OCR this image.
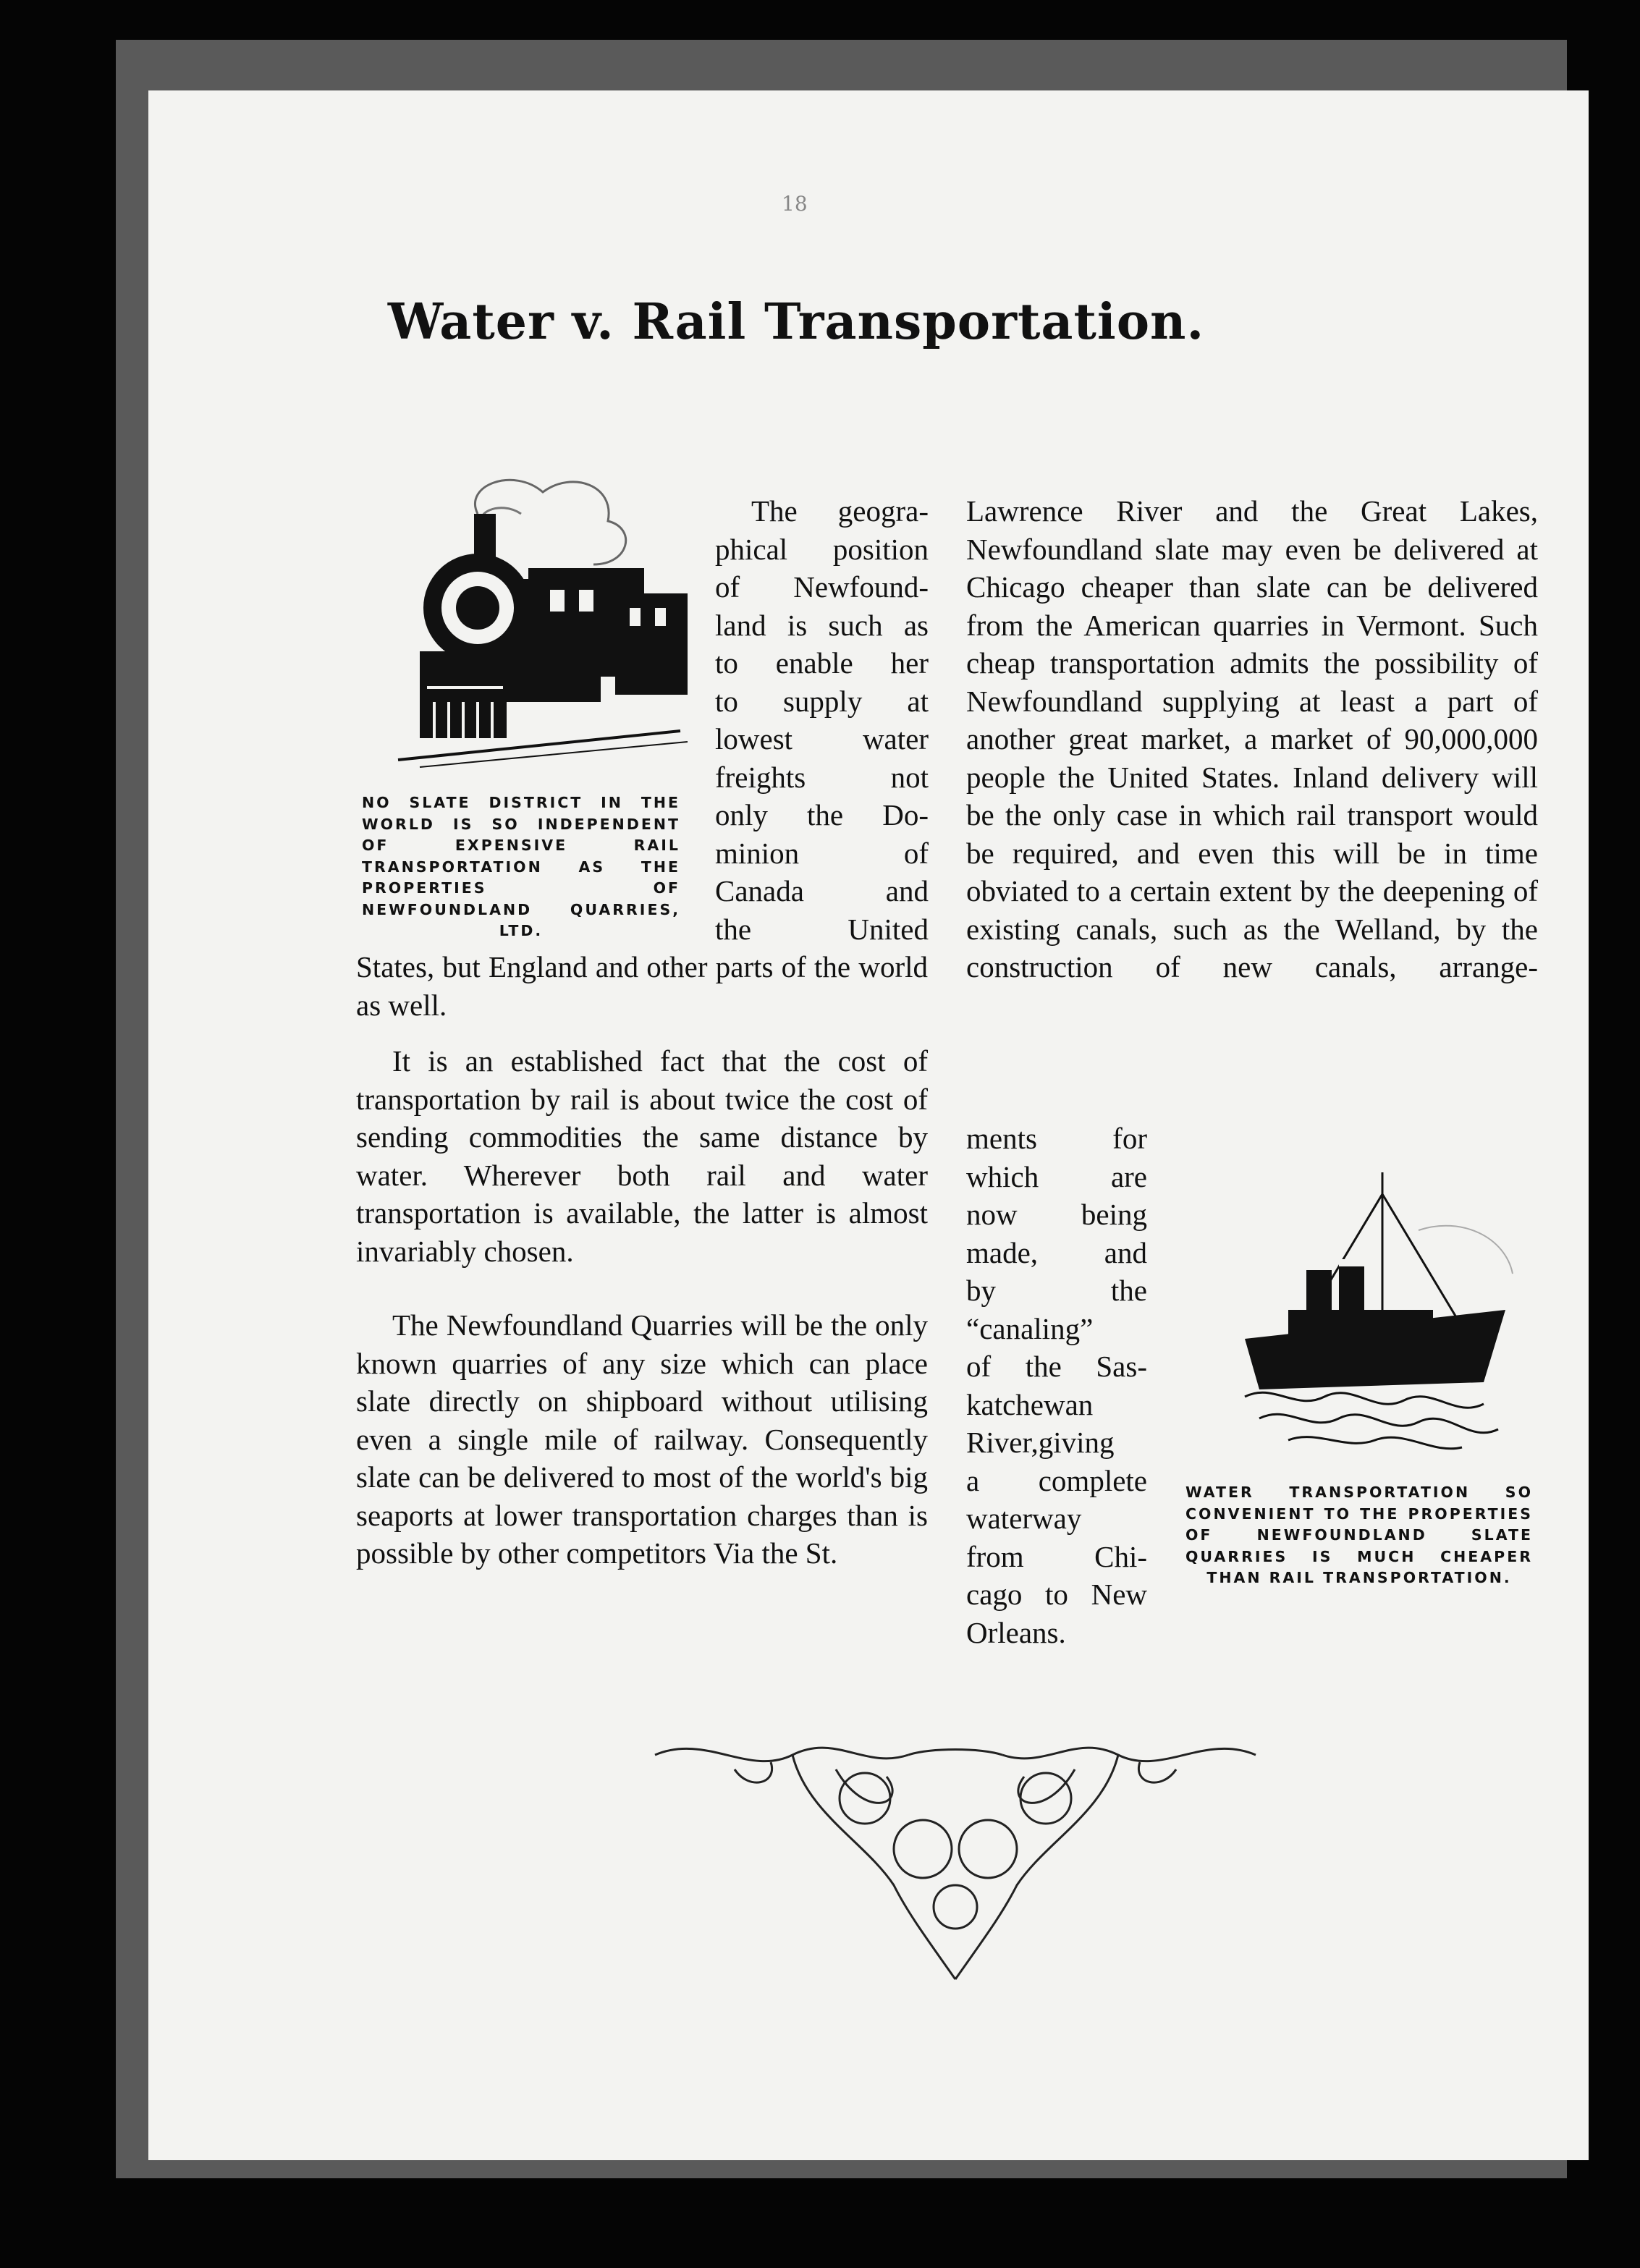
18
Water v. Rail Transportation.

NO SLATE DISTRICT IN THE WORLD IS SO INDEPENDENT OF EXPENSIVE RAIL TRANSPORTATION AS THE PROPERTIES OF NEWFOUNDLAND QUARRIES, LTD.

The geogra-
phical position
of Newfound-
land is such as
to enable her
to supply at
lowest water
freights not
only the Do-
minion of
Canada and
the United

States, but England and other parts of the world as well.

It is an established fact that the cost of transportation by rail is about twice the cost of sending commodities the same distance by water. Wherever both rail and water transportation is available, the latter is almost invariably chosen.

The Newfoundland Quarries will be the only known quarries of any size which can place slate directly on shipboard without utilising even a single mile of railway. Consequently slate can be delivered to most of the world's big seaports at lower transportation charges than is possible by other competitors Via the St.

Lawrence River and the Great Lakes, Newfoundland slate may even be delivered at Chicago cheaper than slate can be delivered from the American quarries in Vermont. Such cheap transportation admits the possibility of Newfoundland supplying at least a part of another great market, a market of 90,000,000 people the United States. Inland delivery will be the only case in which rail transport would be required, and even this will be in time obviated to a certain extent by the deepening of existing canals, such as the Welland, by the construction of new canals, arrange-

ments for
which are
now being
made, and
by the
“canaling”
of the Sas-
katchewan
River,giving
a complete
waterway
from Chi-
cago to New
Orleans.

WATER TRANSPORTATION SO CONVENIENT TO THE PROPERTIES OF NEWFOUNDLAND SLATE QUARRIES IS MUCH CHEAPER THAN RAIL TRANSPORTATION.
